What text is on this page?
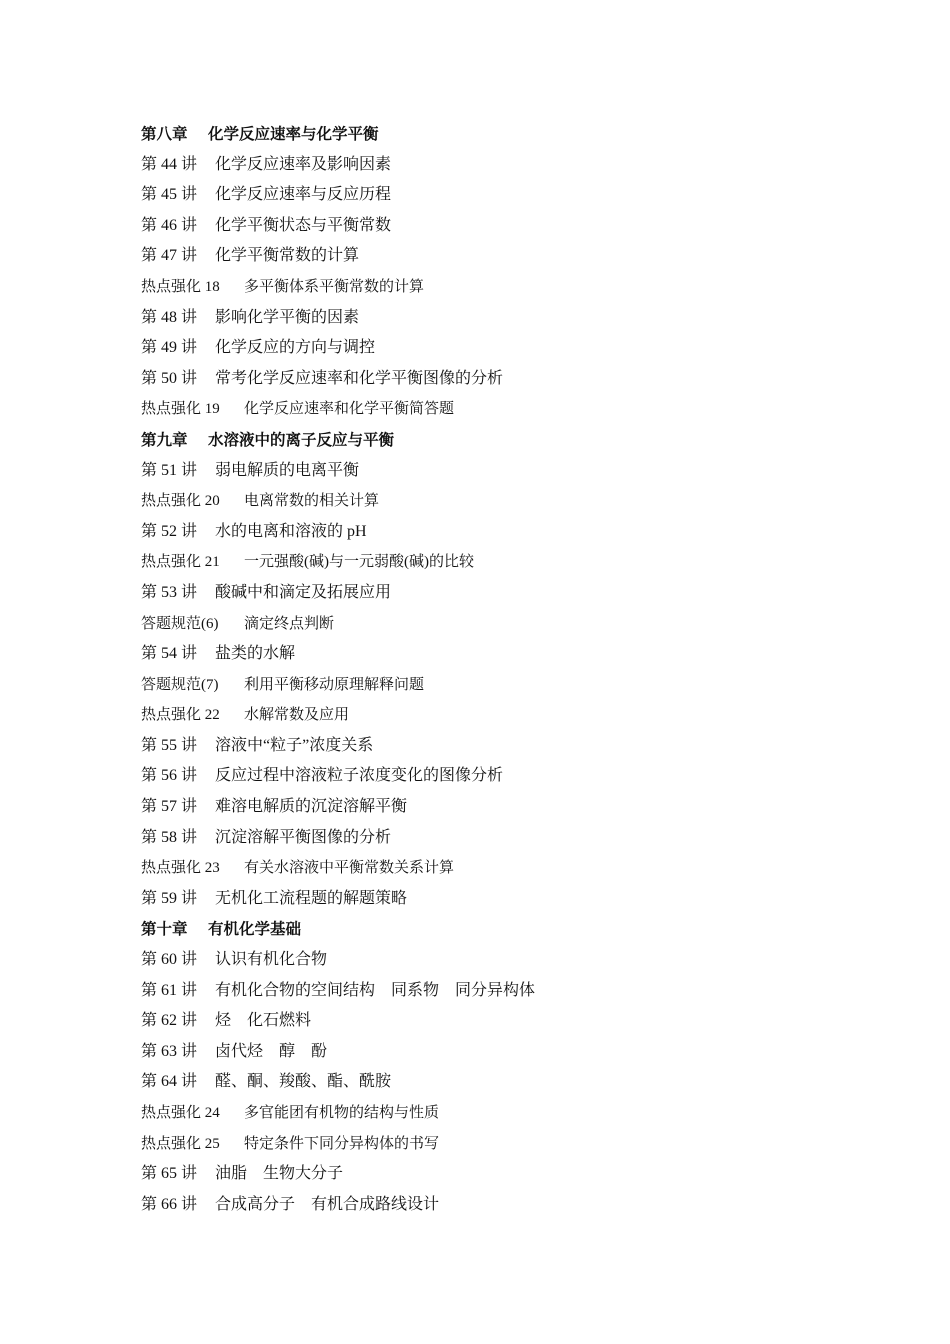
第八章 化学反应速率与化学平衡
第 44 讲 化学反应速率及影响因素
第 45 讲 化学反应速率与反应历程
第 46 讲 化学平衡状态与平衡常数
第 47 讲 化学平衡常数的计算
热点强化 18 多平衡体系平衡常数的计算
第 48 讲 影响化学平衡的因素
第 49 讲 化学反应的方向与调控
第 50 讲 常考化学反应速率和化学平衡图像的分析
热点强化 19 化学反应速率和化学平衡简答题
第九章 水溶液中的离子反应与平衡
第 51 讲 弱电解质的电离平衡
热点强化 20 电离常数的相关计算
第 52 讲 水的电离和溶液的 pH
热点强化 21 一元强酸(碱)与一元弱酸(碱)的比较
第 53 讲 酸碱中和滴定及拓展应用
答题规范(6) 滴定终点判断
第 54 讲 盐类的水解
答题规范(7) 利用平衡移动原理解释问题
热点强化 22 水解常数及应用
第 55 讲 溶液中“粒子”浓度关系
第 56 讲 反应过程中溶液粒子浓度变化的图像分析
第 57 讲 难溶电解质的沉淀溶解平衡
第 58 讲 沉淀溶解平衡图像的分析
热点强化 23 有关水溶液中平衡常数关系计算
第 59 讲 无机化工流程题的解题策略
第十章 有机化学基础
第 60 讲 认识有机化合物
第 61 讲 有机化合物的空间结构　同系物　同分异构体
第 62 讲 烃　化石燃料
第 63 讲 卤代烃　醇　酚
第 64 讲 醛、酮、羧酸、酯、酰胺
热点强化 24 多官能团有机物的结构与性质
热点强化 25 特定条件下同分异构体的书写
第 65 讲 油脂　生物大分子
第 66 讲 合成高分子　有机合成路线设计
